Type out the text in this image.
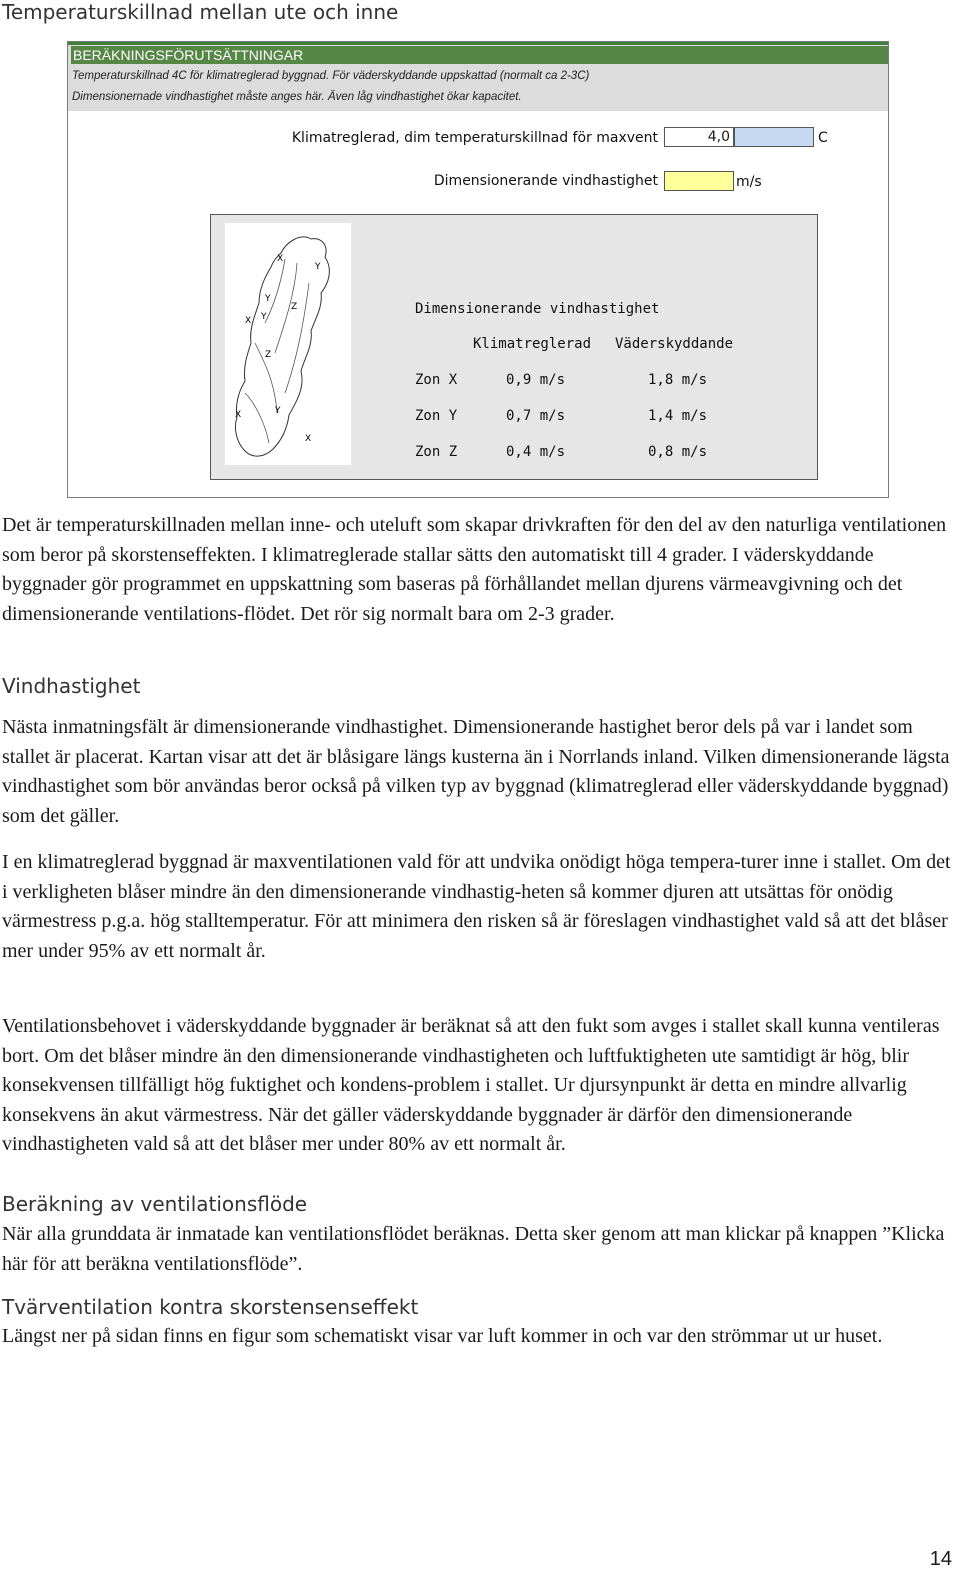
Temperaturskillnad mellan ute och inne
BERÄKNINGSFÖRUTSÄTTNINGAR
Temperaturskillnad 4C för klimatreglerad byggnad. För väderskyddande uppskattad (normalt ca 2-3C)
Dimensionernade vindhastighet måste anges här. Även låg vindhastighet ökar kapacitet.
Klimatreglerad, dim temperaturskillnad för maxvent	4,0	C
Dimensionerande vindhastighet	m/s
X
Y
Y
Z
X Y
Z
X	Y
X
Dimensionerande vindhastighet
Klimatreglerad Väderskyddande
Zon X	0,9 m/s	1,8 m/s
Zon Y	0,7 m/s	1,4 m/s
Zon Z	0,4 m/s	0,8 m/s

Det är temperaturskillnaden mellan inne- och uteluft som skapar drivkraften för den del av den naturliga ventilationen som beror på skorstenseffekten. I klimatreglerade stallar sätts den automatiskt till 4 grader. I väderskyddande byggnader gör programmet en uppskattning som baseras på förhållandet mellan djurens värmeavgivning och det dimensionerande ventilations-flödet. Det rör sig normalt bara om 2-3 grader.

Vindhastighet

Nästa inmatningsfält är dimensionerande vindhastighet. Dimensionerande hastighet beror dels på var i landet som stallet är placerat. Kartan visar att det är blåsigare längs kusterna än i Norrlands inland. Vilken dimensionerande lägsta vindhastighet som bör användas beror också på vilken typ av byggnad (klimatreglerad eller väderskyddande byggnad) som det gäller.

I en klimatreglerad byggnad är maxventilationen vald för att undvika onödigt höga tempera-turer inne i stallet. Om det i verkligheten blåser mindre än den dimensionerande vindhastig-heten så kommer djuren att utsättas för onödig värmestress p.g.a. hög stalltemperatur. För att minimera den risken så är föreslagen vindhastighet vald så att det blåser mer under 95% av ett normalt år.

Ventilationsbehovet i väderskyddande byggnader är beräknat så att den fukt som avges i stallet skall kunna ventileras bort. Om det blåser mindre än den dimensionerande vindhastigheten och luftfuktigheten ute samtidigt är hög, blir konsekvensen tillfälligt hög fuktighet och kondens-problem i stallet. Ur djursynpunkt är detta en mindre allvarlig konsekvens än akut värmestress. När det gäller väderskyddande byggnader är därför den dimensionerande vindhastigheten vald så att det blåser mer under 80% av ett normalt år.

Beräkning av ventilationsflöde

När alla grunddata är inmatade kan ventilationsflödet beräknas. Detta sker genom att man klickar på knappen ”Klicka här för att beräkna ventilationsflöde”.

Tvärventilation kontra skorstensenseffekt

Längst ner på sidan finns en figur som schematiskt visar var luft kommer in och var den strömmar ut ur huset.

14
